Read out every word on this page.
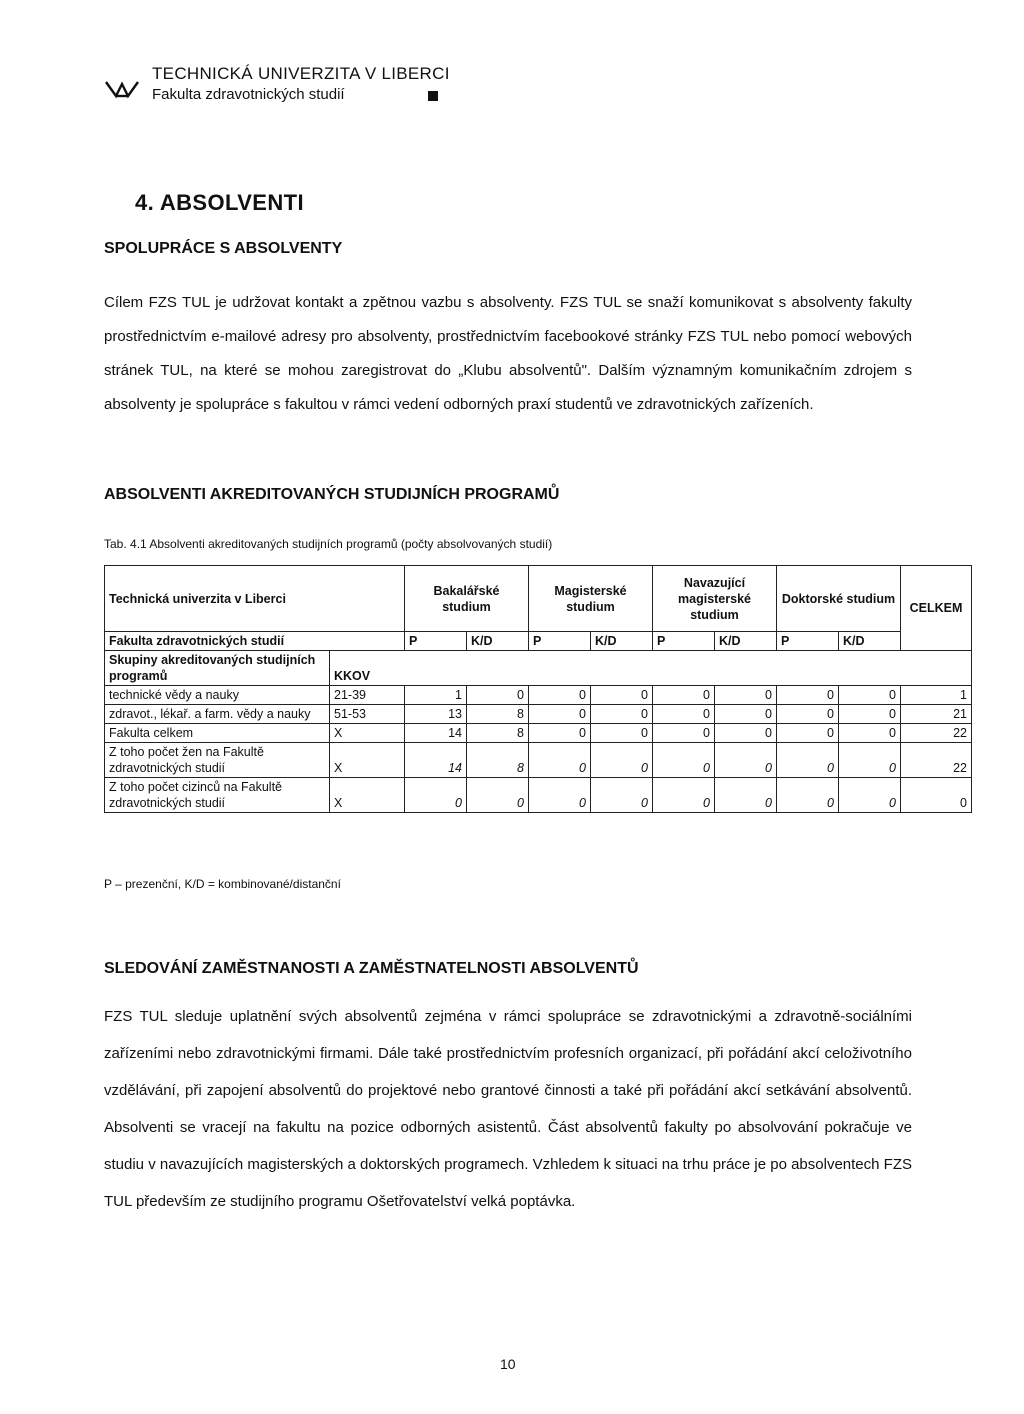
TECHNICKÁ UNIVERZITA V LIBERCI
Fakulta zdravotnických studií
4. ABSOLVENTI
SPOLUPRÁCE S ABSOLVENTY
Cílem FZS TUL je udržovat kontakt a zpětnou vazbu s absolventy. FZS TUL se snaží komunikovat s absolventy fakulty prostřednictvím e-mailové adresy pro absolventy, prostřednictvím facebookové stránky FZS TUL nebo pomocí webových stránek TUL, na které se mohou zaregistrovat do „Klubu absolventů". Dalším významným komunikačním zdrojem s absolventy je spolupráce s fakultou v rámci vedení odborných praxí studentů ve zdravotnických zařízeních.
ABSOLVENTI AKREDITOVANÝCH STUDIJNÍCH PROGRAMŮ
Tab. 4.1 Absolventi akreditovaných studijních programů (počty absolvovaných studií)
Technická univerzita v Liberci		Bakalářské studium		Magisterské studium		Navazující magisterské studium		Doktorské studium		CELKEM
Fakulta zdravotnických studií		P	K/D	P	K/D	P	K/D	P	K/D	
Skupiny akreditovaných studijních programů	KKOV									
technické vědy a nauky	21-39	1	0	0	0	0	0	0	0	1
zdravot., lékař. a farm. vědy a nauky	51-53	13	8	0	0	0	0	0	0	21
Fakulta celkem	X	14	8	0	0	0	0	0	0	22
Z toho počet žen na Fakultě zdravotnických studií	X	14	8	0	0	0	0	0	0	22
Z toho počet cizinců na Fakultě zdravotnických studií	X	0	0	0	0	0	0	0	0	0
P – prezenční, K/D = kombinované/distanční
SLEDOVÁNÍ ZAMĚSTNANOSTI A ZAMĚSTNATELNOSTI ABSOLVENTŮ
FZS TUL sleduje uplatnění svých absolventů zejména v rámci spolupráce se zdravotnickými a zdravotně-sociálními zařízeními nebo zdravotnickými firmami. Dále také prostřednictvím profesních organizací, při pořádání akcí celoživotního vzdělávání, při zapojení absolventů do projektové nebo grantové činnosti a také při pořádání akcí setkávání absolventů. Absolventi se vracejí na fakultu na pozice odborných asistentů. Část absolventů fakulty po absolvování pokračuje ve studiu v navazujících magisterských a doktorských programech. Vzhledem k situaci na trhu práce je po absolventech FZS TUL především ze studijního programu Ošetřovatelství velká poptávka.
10
